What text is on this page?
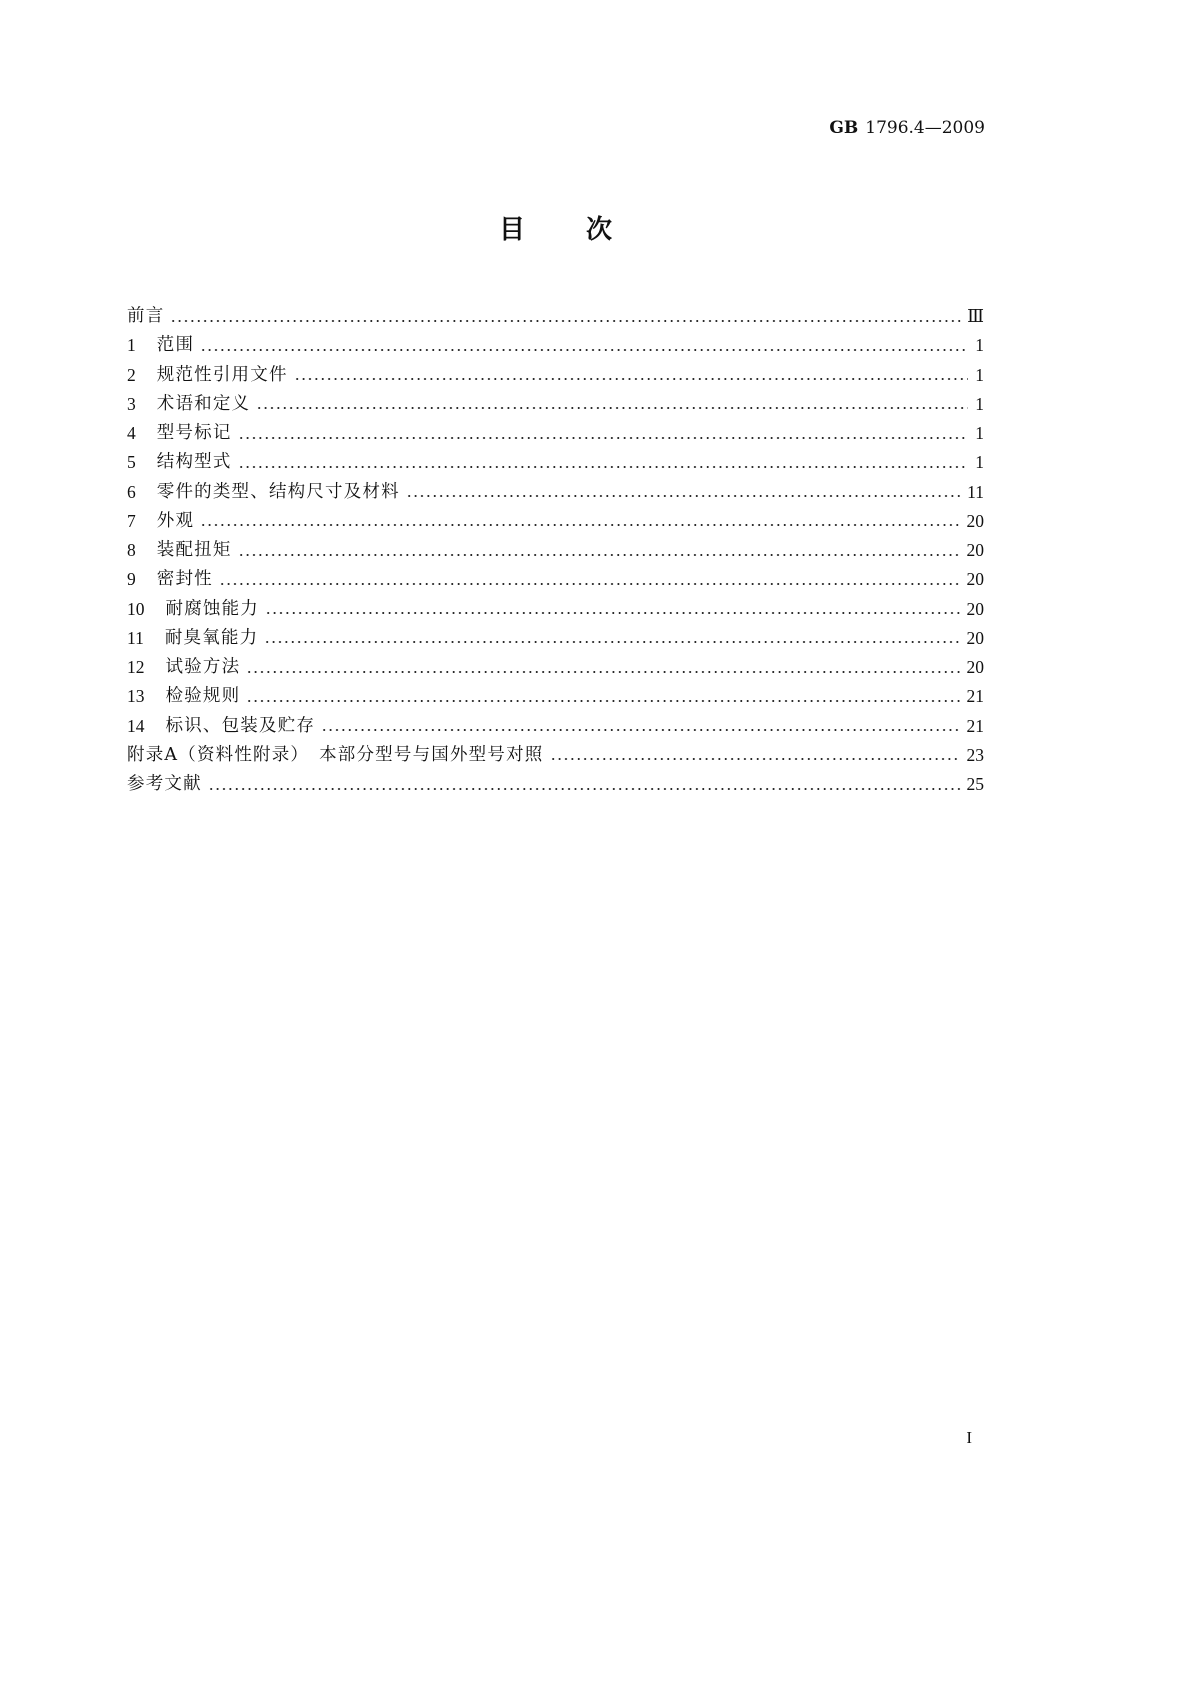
GB 1796.4—2009
目　次
前言	Ⅲ
1 范围	1
2 规范性引用文件	1
3 术语和定义	1
4 型号标记	1
5 结构型式	1
6 零件的类型、结构尺寸及材料	11
7 外观	20
8 装配扭矩	20
9 密封性	20
10 耐腐蚀能力	20
11 耐臭氧能力	20
12 试验方法	20
13 检验规则	21
14 标识、包装及贮存	21
附录A（资料性附录）　本部分型号与国外型号对照	23
参考文献	25
I
